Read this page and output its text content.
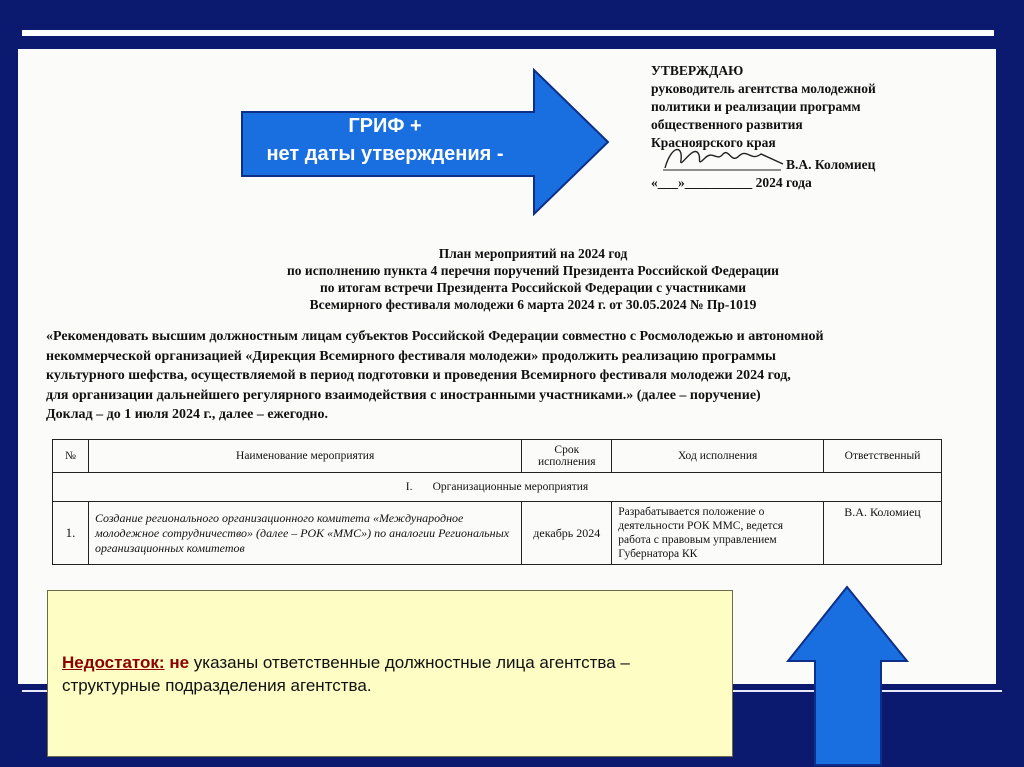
УТВЕРЖДАЮ
руководитель агентства молодежной
политики и реализации программ
общественного развития
Красноярского края
В.А. Коломиец
«___»__________ 2024 года
План мероприятий на 2024 год
по исполнению пункта 4 перечня поручений Президента Российской Федерации
по итогам встречи Президента Российской Федерации с участниками
Всемирного фестиваля молодежи 6 марта 2024 г. от 30.05.2024 № Пр-1019
«Рекомендовать высшим должностным лицам субъектов Российской Федерации совместно с Росмолодежью и автономной
некоммерческой организацией «Дирекция Всемирного фестиваля молодежи» продолжить реализацию программы
культурного шефства, осуществляемой в период подготовки и проведения Всемирного фестиваля молодежи 2024 год,
для организации дальнейшего регулярного взаимодействия с иностранными участниками.» (далее – поручение)
Доклад – до 1 июля 2024 г., далее – ежегодно.
№	Наименование мероприятия	Срок исполнения	Ход исполнения	Ответственный
I. Организационные мероприятия				
1.	Создание регионального организационного комитета «Международное молодежное сотрудничество» (далее – РОК «ММС») по аналогии Региональных организационных комитетов	декабрь 2024	Разрабатывается положение о деятельности РОК ММС, ведется работа с правовым управлением Губернатора КК	В.А. Коломиец
ГРИФ +
нет даты утверждения -
Недостаток: не указаны ответственные должностные лица агентства – структурные подразделения агентства.
